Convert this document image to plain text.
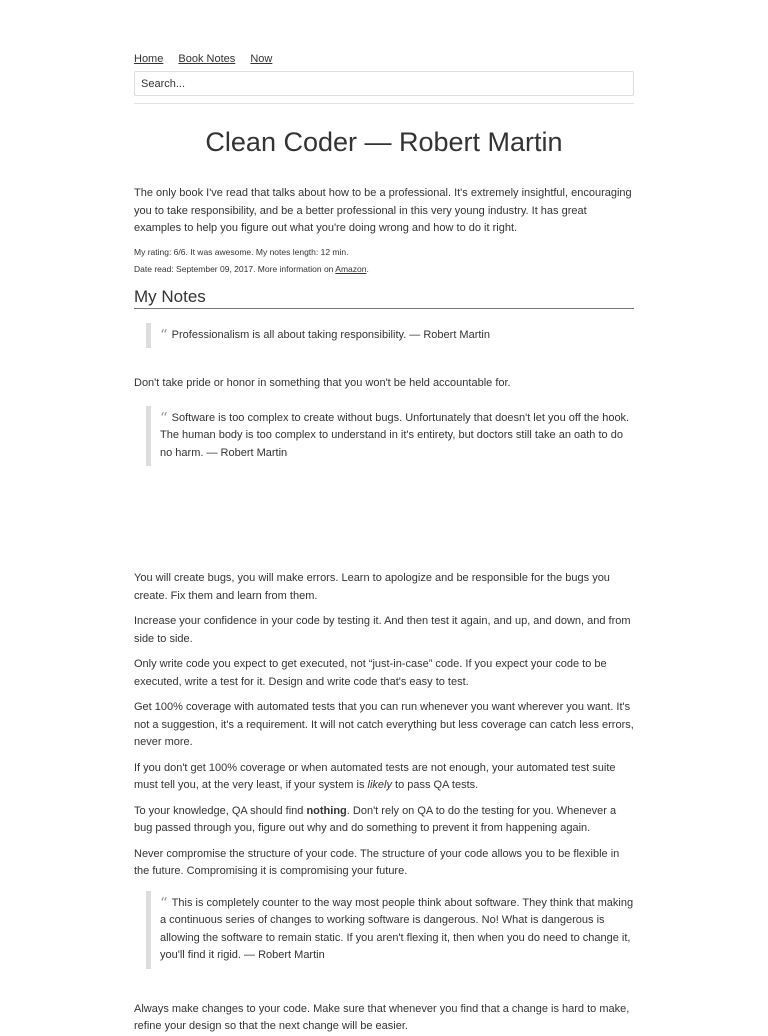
Home Book Notes Now
Search...
Clean Coder — Robert Martin

The only book I've read that talks about how to be a professional. It's extremely insightful, encouraging you to take responsibility, and be a better professional in this very young industry. It has great examples to help you figure out what you're doing wrong and how to do it right.

My rating: 6/6. It was awesome. My notes length: 12 min.
Date read: September 09, 2017. More information on Amazon.
My Notes
“ Professionalism is all about taking responsibility. — Robert Martin

Don't take pride or honor in something that you won't be held accountable for.

“ Software is too complex to create without bugs. Unfortunately that doesn't let you off the hook. The human body is too complex to understand in it's entirety, but doctors still take an oath to do no harm. — Robert Martin

You will create bugs, you will make errors. Learn to apologize and be responsible for the bugs you create. Fix them and learn from them.

Increase your confidence in your code by testing it. And then test it again, and up, and down, and from side to side.

Only write code you expect to get executed, not “just-in-case” code. If you expect your code to be executed, write a test for it. Design and write code that's easy to test.

Get 100% coverage with automated tests that you can run whenever you want wherever you want. It's not a suggestion, it's a requirement. It will not catch everything but less coverage can catch less errors, never more.

If you don't get 100% coverage or when automated tests are not enough, your automated test suite must tell you, at the very least, if your system is likely to pass QA tests.

To your knowledge, QA should find nothing. Don't rely on QA to do the testing for you. Whenever a bug passed through you, figure out why and do something to prevent it from happening again.

Never compromise the structure of your code. The structure of your code allows you to be flexible in the future. Compromising it is compromising your future.

“ This is completely counter to the way most people think about software. They think that making a continuous series of changes to working software is dangerous. No! What is dangerous is allowing the software to remain static. If you aren't flexing it, then when you do need to change it, you'll find it rigid. — Robert Martin

Always make changes to your code. Make sure that whenever you find that a change is hard to make, refine your design so that the next change will be easier.
